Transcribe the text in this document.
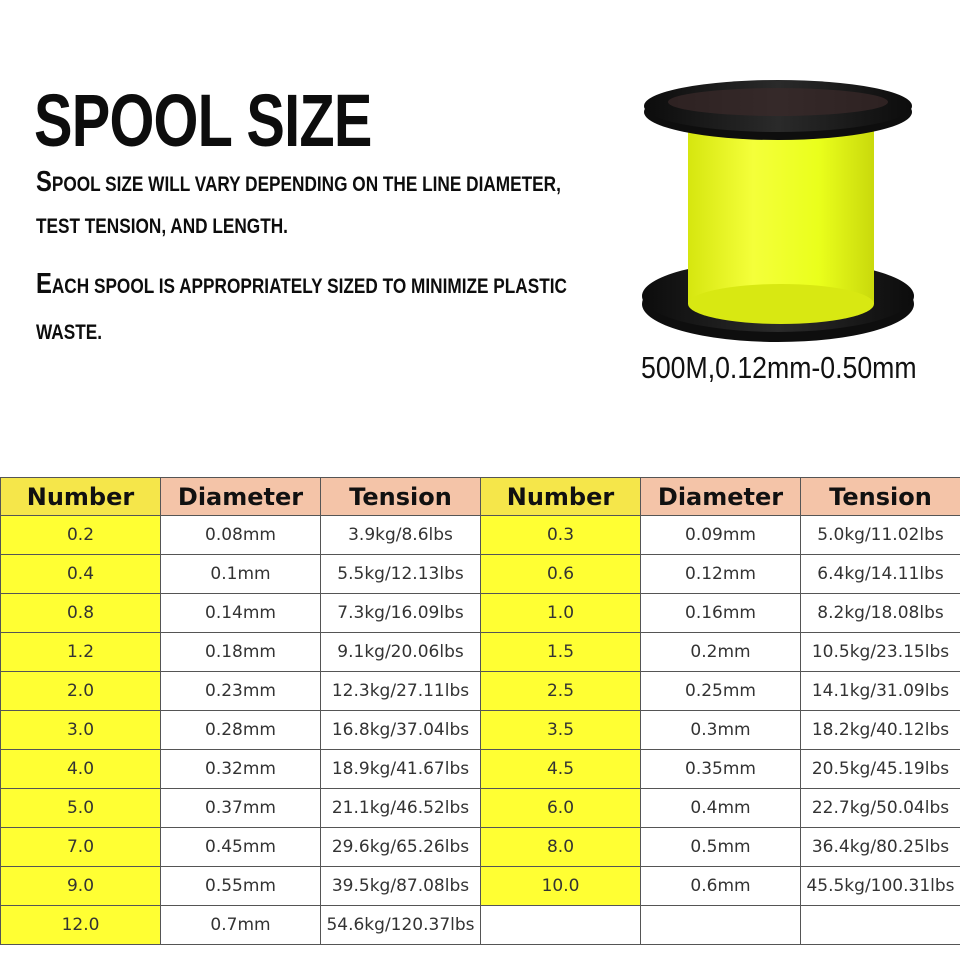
SPOOL SIZE
SPOOL SIZE WILL VARY DEPENDING ON THE LINE DIAMETER,
TEST TENSION, AND LENGTH.
EACH SPOOL IS APPROPRIATELY SIZED TO MINIMIZE PLASTIC
WASTE.
500M,0.12mm-0.50mm
Number	Diameter	Tension	Number	Diameter	Tension
0.2	0.08mm	3.9kg/8.6lbs	0.3	0.09mm	5.0kg/11.02lbs
0.4	0.1mm	5.5kg/12.13lbs	0.6	0.12mm	6.4kg/14.11lbs
0.8	0.14mm	7.3kg/16.09lbs	1.0	0.16mm	8.2kg/18.08lbs
1.2	0.18mm	9.1kg/20.06lbs	1.5	0.2mm	10.5kg/23.15lbs
2.0	0.23mm	12.3kg/27.11lbs	2.5	0.25mm	14.1kg/31.09lbs
3.0	0.28mm	16.8kg/37.04lbs	3.5	0.3mm	18.2kg/40.12lbs
4.0	0.32mm	18.9kg/41.67lbs	4.5	0.35mm	20.5kg/45.19lbs
5.0	0.37mm	21.1kg/46.52lbs	6.0	0.4mm	22.7kg/50.04lbs
7.0	0.45mm	29.6kg/65.26lbs	8.0	0.5mm	36.4kg/80.25lbs
9.0	0.55mm	39.5kg/87.08lbs	10.0	0.6mm	45.5kg/100.31lbs
12.0	0.7mm	54.6kg/120.37lbs			
